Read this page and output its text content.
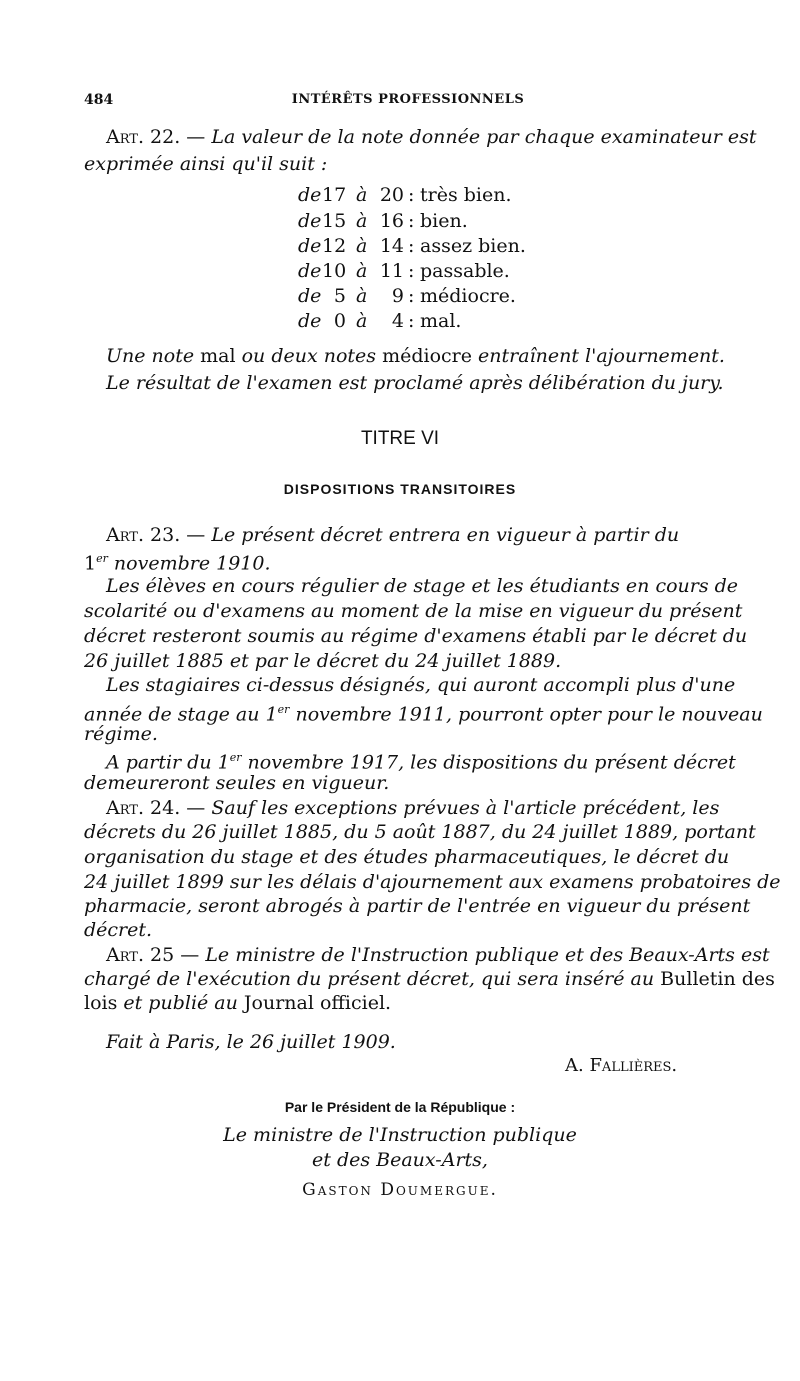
484	INTÉRÊTS PROFESSIONNELS
Art. 22. — La valeur de la note donnée par chaque examinateur est
exprimée ainsi qu'il suit :
de 17 à 20 : très bien.
de 15 à 16 : bien.
de 12 à 14 : assez bien.
de 10 à 11 : passable.
de 5 à	9 : médiocre.
de 0 à	4 : mal.
Une note mal ou deux notes médiocre entraînent l'ajournement.
Le résultat de l'examen est proclamé après délibération du jury.
TITRE VI
DISPOSITIONS TRANSITOIRES
Art. 23. — Le présent décret entrera en vigueur à partir du
1er novembre 1910.
Les élèves en cours régulier de stage et les étudiants en cours de
scolarité ou d'examens au moment de la mise en vigueur du présent
décret resteront soumis au régime d'examens établi par le décret du
26 juillet 1885 et par le décret du 24 juillet 1889.
Les stagiaires ci-dessus désignés, qui auront accompli plus d'une
année de stage au 1er novembre 1911, pourront opter pour le nouveau
régime.
A partir du 1er novembre 1917, les dispositions du présent décret
demeureront seules en vigueur.
Art. 24. — Sauf les exceptions prévues à l'article précédent, les
décrets du 26 juillet 1885, du 5 août 1887, du 24 juillet 1889, portant
organisation du stage et des études pharmaceutiques, le décret du
24 juillet 1899 sur les délais d'ajournement aux examens probatoires de
pharmacie, seront abrogés à partir de l'entrée en vigueur du présent
décret.
Art. 25 — Le ministre de l'Instruction publique et des Beaux-Arts est
chargé de l'exécution du présent décret, qui sera inséré au Bulletin des
lois et publié au Journal officiel.
Fait à Paris, le 26 juillet 1909.
A. Fallières.
Par le Président de la République :
Le ministre de l'Instruction publique
et des Beaux-Arts,
Gaston Doumergue.
